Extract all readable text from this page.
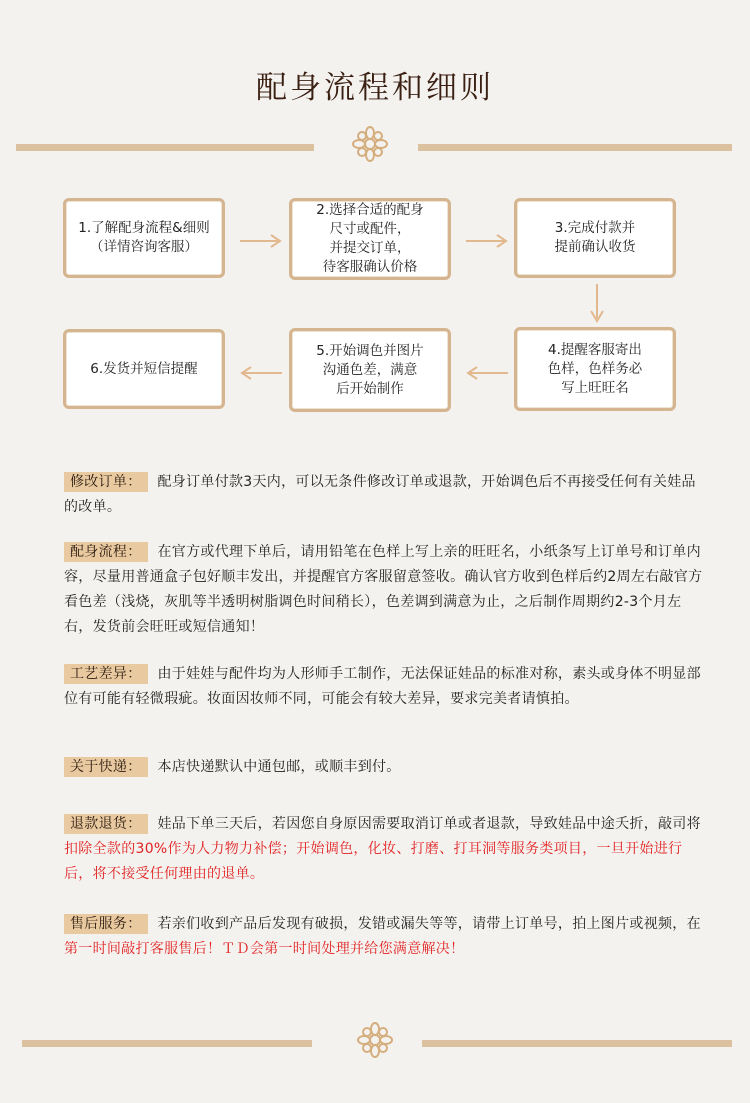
配身流程和细则
1.了解配身流程&细则
（详情咨询客服）
2.选择合适的配身
尺寸或配件，
并提交订单，
待客服确认价格
3.完成付款并
提前确认收货
4.提醒客服寄出
色样，色样务必
写上旺旺名
5.开始调色并图片
沟通色差，满意
后开始制作
6.发货并短信提醒
修改订单： 配身订单付款3天内，可以无条件修改订单或退款，开始调色后不再接受任何有关娃品的改单。
配身流程： 在官方或代理下单后，请用铅笔在色样上写上亲的旺旺名，小纸条写上订单号和订单内容，尽量用普通盒子包好顺丰发出，并提醒官方客服留意签收。确认官方收到色样后约2周左右敲官方看色差（浅烧，灰肌等半透明树脂调色时间稍长），色差调到满意为止，之后制作周期约2-3个月左右，发货前会旺旺或短信通知！
工艺差异： 由于娃娃与配件均为人形师手工制作，无法保证娃品的标准对称，素头或身体不明显部位有可能有轻微瑕疵。妆面因妆师不同，可能会有较大差异，要求完美者请慎拍。
关于快递： 本店快递默认中通包邮，或顺丰到付。
退款退货： 娃品下单三天后，若因您自身原因需要取消订单或者退款，导致娃品中途夭折，敲司将扣除全款的30%作为人力物力补偿；开始调色，化妆、打磨、打耳洞等服务类项目，一旦开始进行后，将不接受任何理由的退单。
售后服务： 若亲们收到产品后发现有破损，发错或漏失等等，请带上订单号，拍上图片或视频，在第一时间敲打客服售后！ＴＤ会第一时间处理并给您满意解决！
